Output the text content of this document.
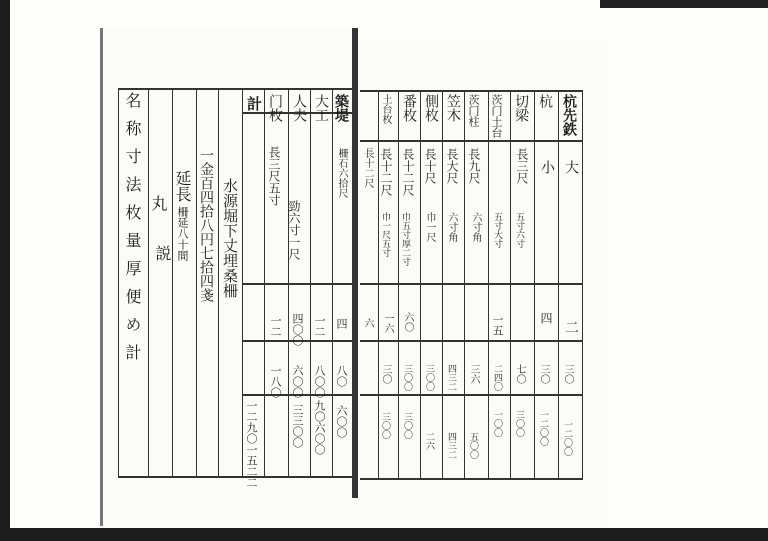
名称寸法枚量厚便め計
丸
説
延長
柵延八十間 一金百四拾八円七拾四戔 水源堀下丈埋桑柵
計 门枚 人夫 大工 築堤
長三尺五寸
勁六寸一尺
柵石六拾尺
一二
一八〇
一二九〇一五二二
四〇〇
六〇〇
三三〇〇
一二
八〇〇
九〇六〇〇
四
八〇
六〇〇
杭先鉄
杭
切梁
茨门土台
茨门柱
笠木
側枚
番枚
土台枚
大
小
長三尺
長九尺
長大尺
長十尺
長十二尺
長十二尺
長十二尺
五寸六寸
五寸大寸
六寸角
六寸角
巾一尺
巾五寸厚二寸
巾一尺五寸
二
四
一五
六〇
一六
六
三〇
三〇
七〇
二四〇
三六
四三二
三〇〇
三〇〇
三〇
一二〇〇
一二〇〇
三〇〇
一〇〇
五〇〇
四三二
二六
三〇〇
三〇〇
